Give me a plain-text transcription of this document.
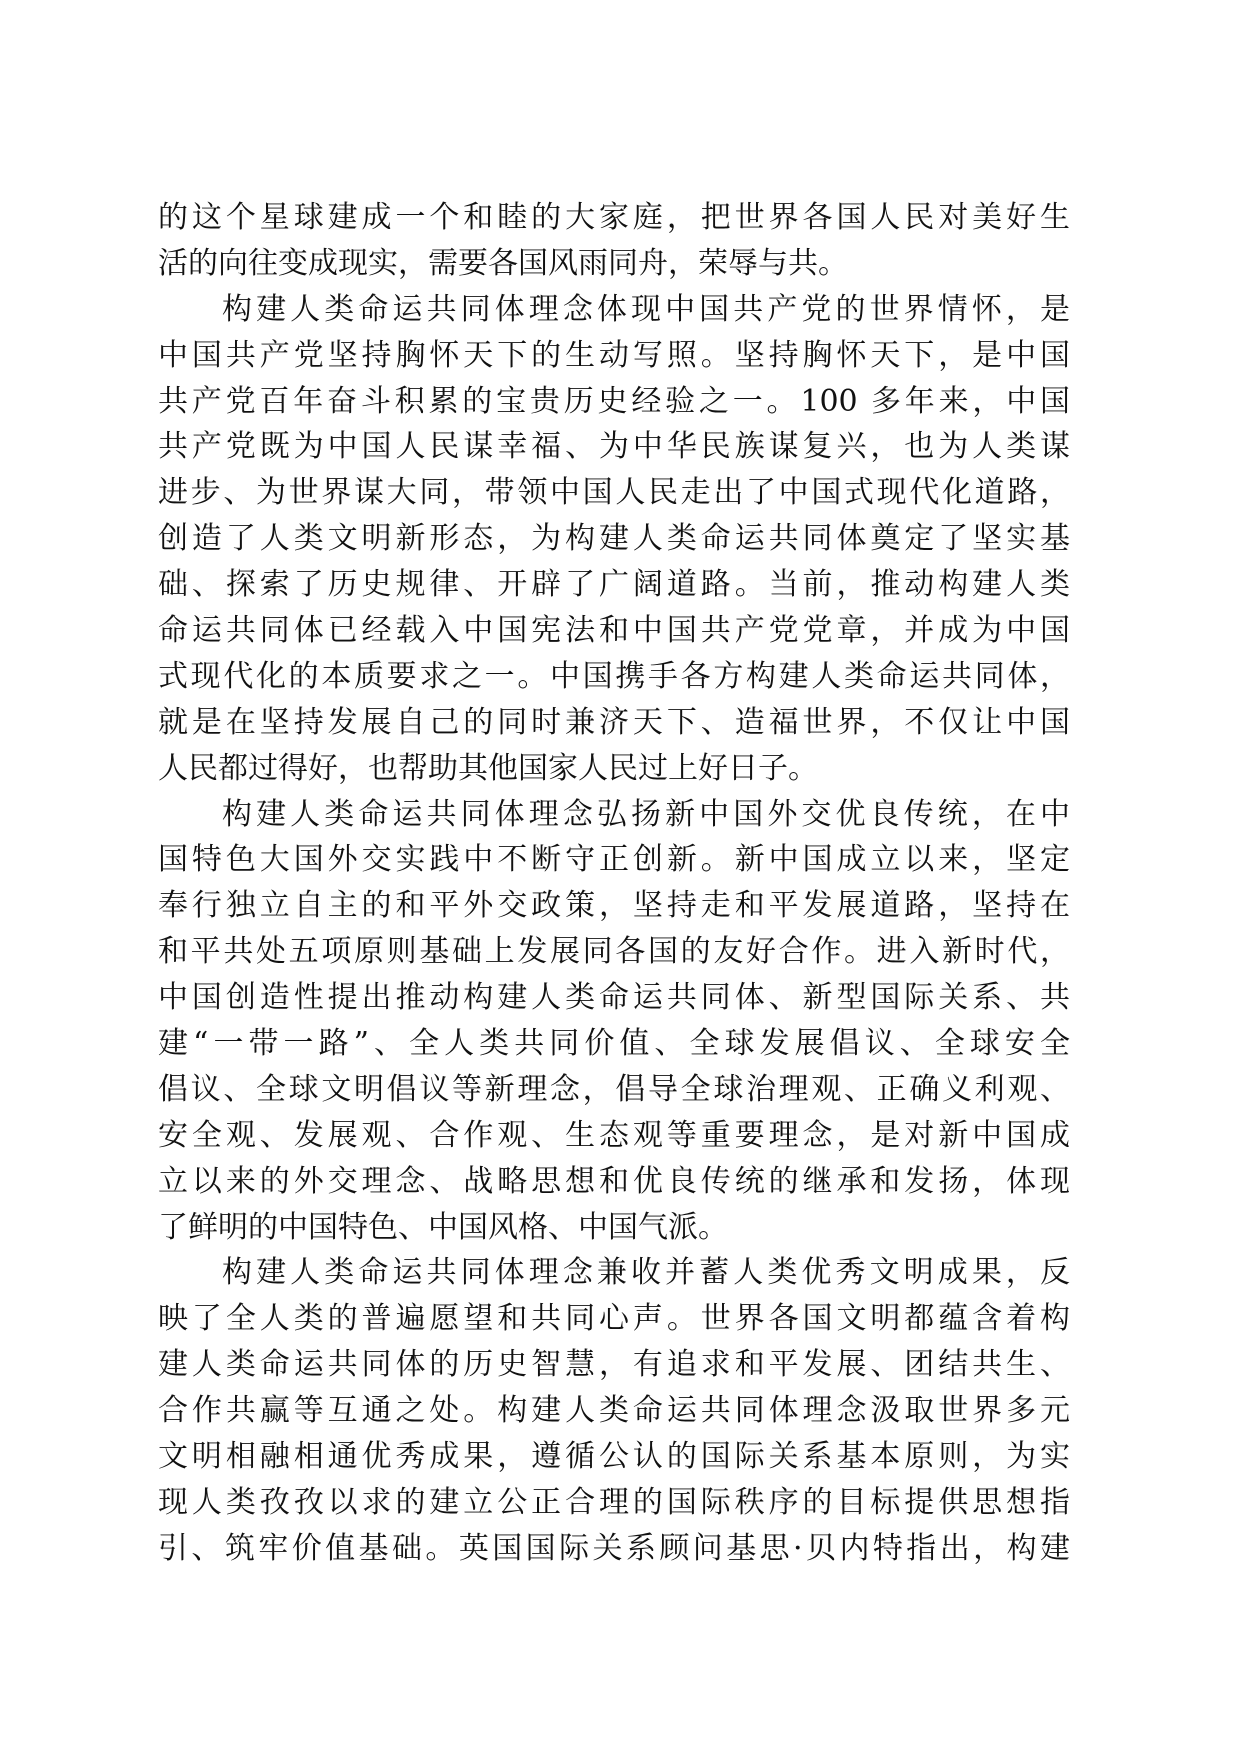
的这个星球建成一个和睦的大家庭，把世界各国人民对美好生
活的向往变成现实，需要各国风雨同舟，荣辱与共。
构建人类命运共同体理念体现中国共产党的世界情怀，是
中国共产党坚持胸怀天下的生动写照。坚持胸怀天下，是中国
共产党百年奋斗积累的宝贵历史经验之一。100 多年来，中国
共产党既为中国人民谋幸福、为中华民族谋复兴，也为人类谋
进步、为世界谋大同，带领中国人民走出了中国式现代化道路，
创造了人类文明新形态，为构建人类命运共同体奠定了坚实基
础、探索了历史规律、开辟了广阔道路。当前，推动构建人类
命运共同体已经载入中国宪法和中国共产党党章，并成为中国
式现代化的本质要求之一。中国携手各方构建人类命运共同体，
就是在坚持发展自己的同时兼济天下、造福世界，不仅让中国
人民都过得好，也帮助其他国家人民过上好日子。
构建人类命运共同体理念弘扬新中国外交优良传统，在中
国特色大国外交实践中不断守正创新。新中国成立以来，坚定
奉行独立自主的和平外交政策，坚持走和平发展道路，坚持在
和平共处五项原则基础上发展同各国的友好合作。进入新时代，
中国创造性提出推动构建人类命运共同体、新型国际关系、共
建“一带一路”、全人类共同价值、全球发展倡议、全球安全
倡议、全球文明倡议等新理念，倡导全球治理观、正确义利观、
安全观、发展观、合作观、生态观等重要理念，是对新中国成
立以来的外交理念、战略思想和优良传统的继承和发扬，体现
了鲜明的中国特色、中国风格、中国气派。
构建人类命运共同体理念兼收并蓄人类优秀文明成果，反
映了全人类的普遍愿望和共同心声。世界各国文明都蕴含着构
建人类命运共同体的历史智慧，有追求和平发展、团结共生、
合作共赢等互通之处。构建人类命运共同体理念汲取世界多元
文明相融相通优秀成果，遵循公认的国际关系基本原则，为实
现人类孜孜以求的建立公正合理的国际秩序的目标提供思想指
引、筑牢价值基础。英国国际关系顾问基思·贝内特指出，构建
